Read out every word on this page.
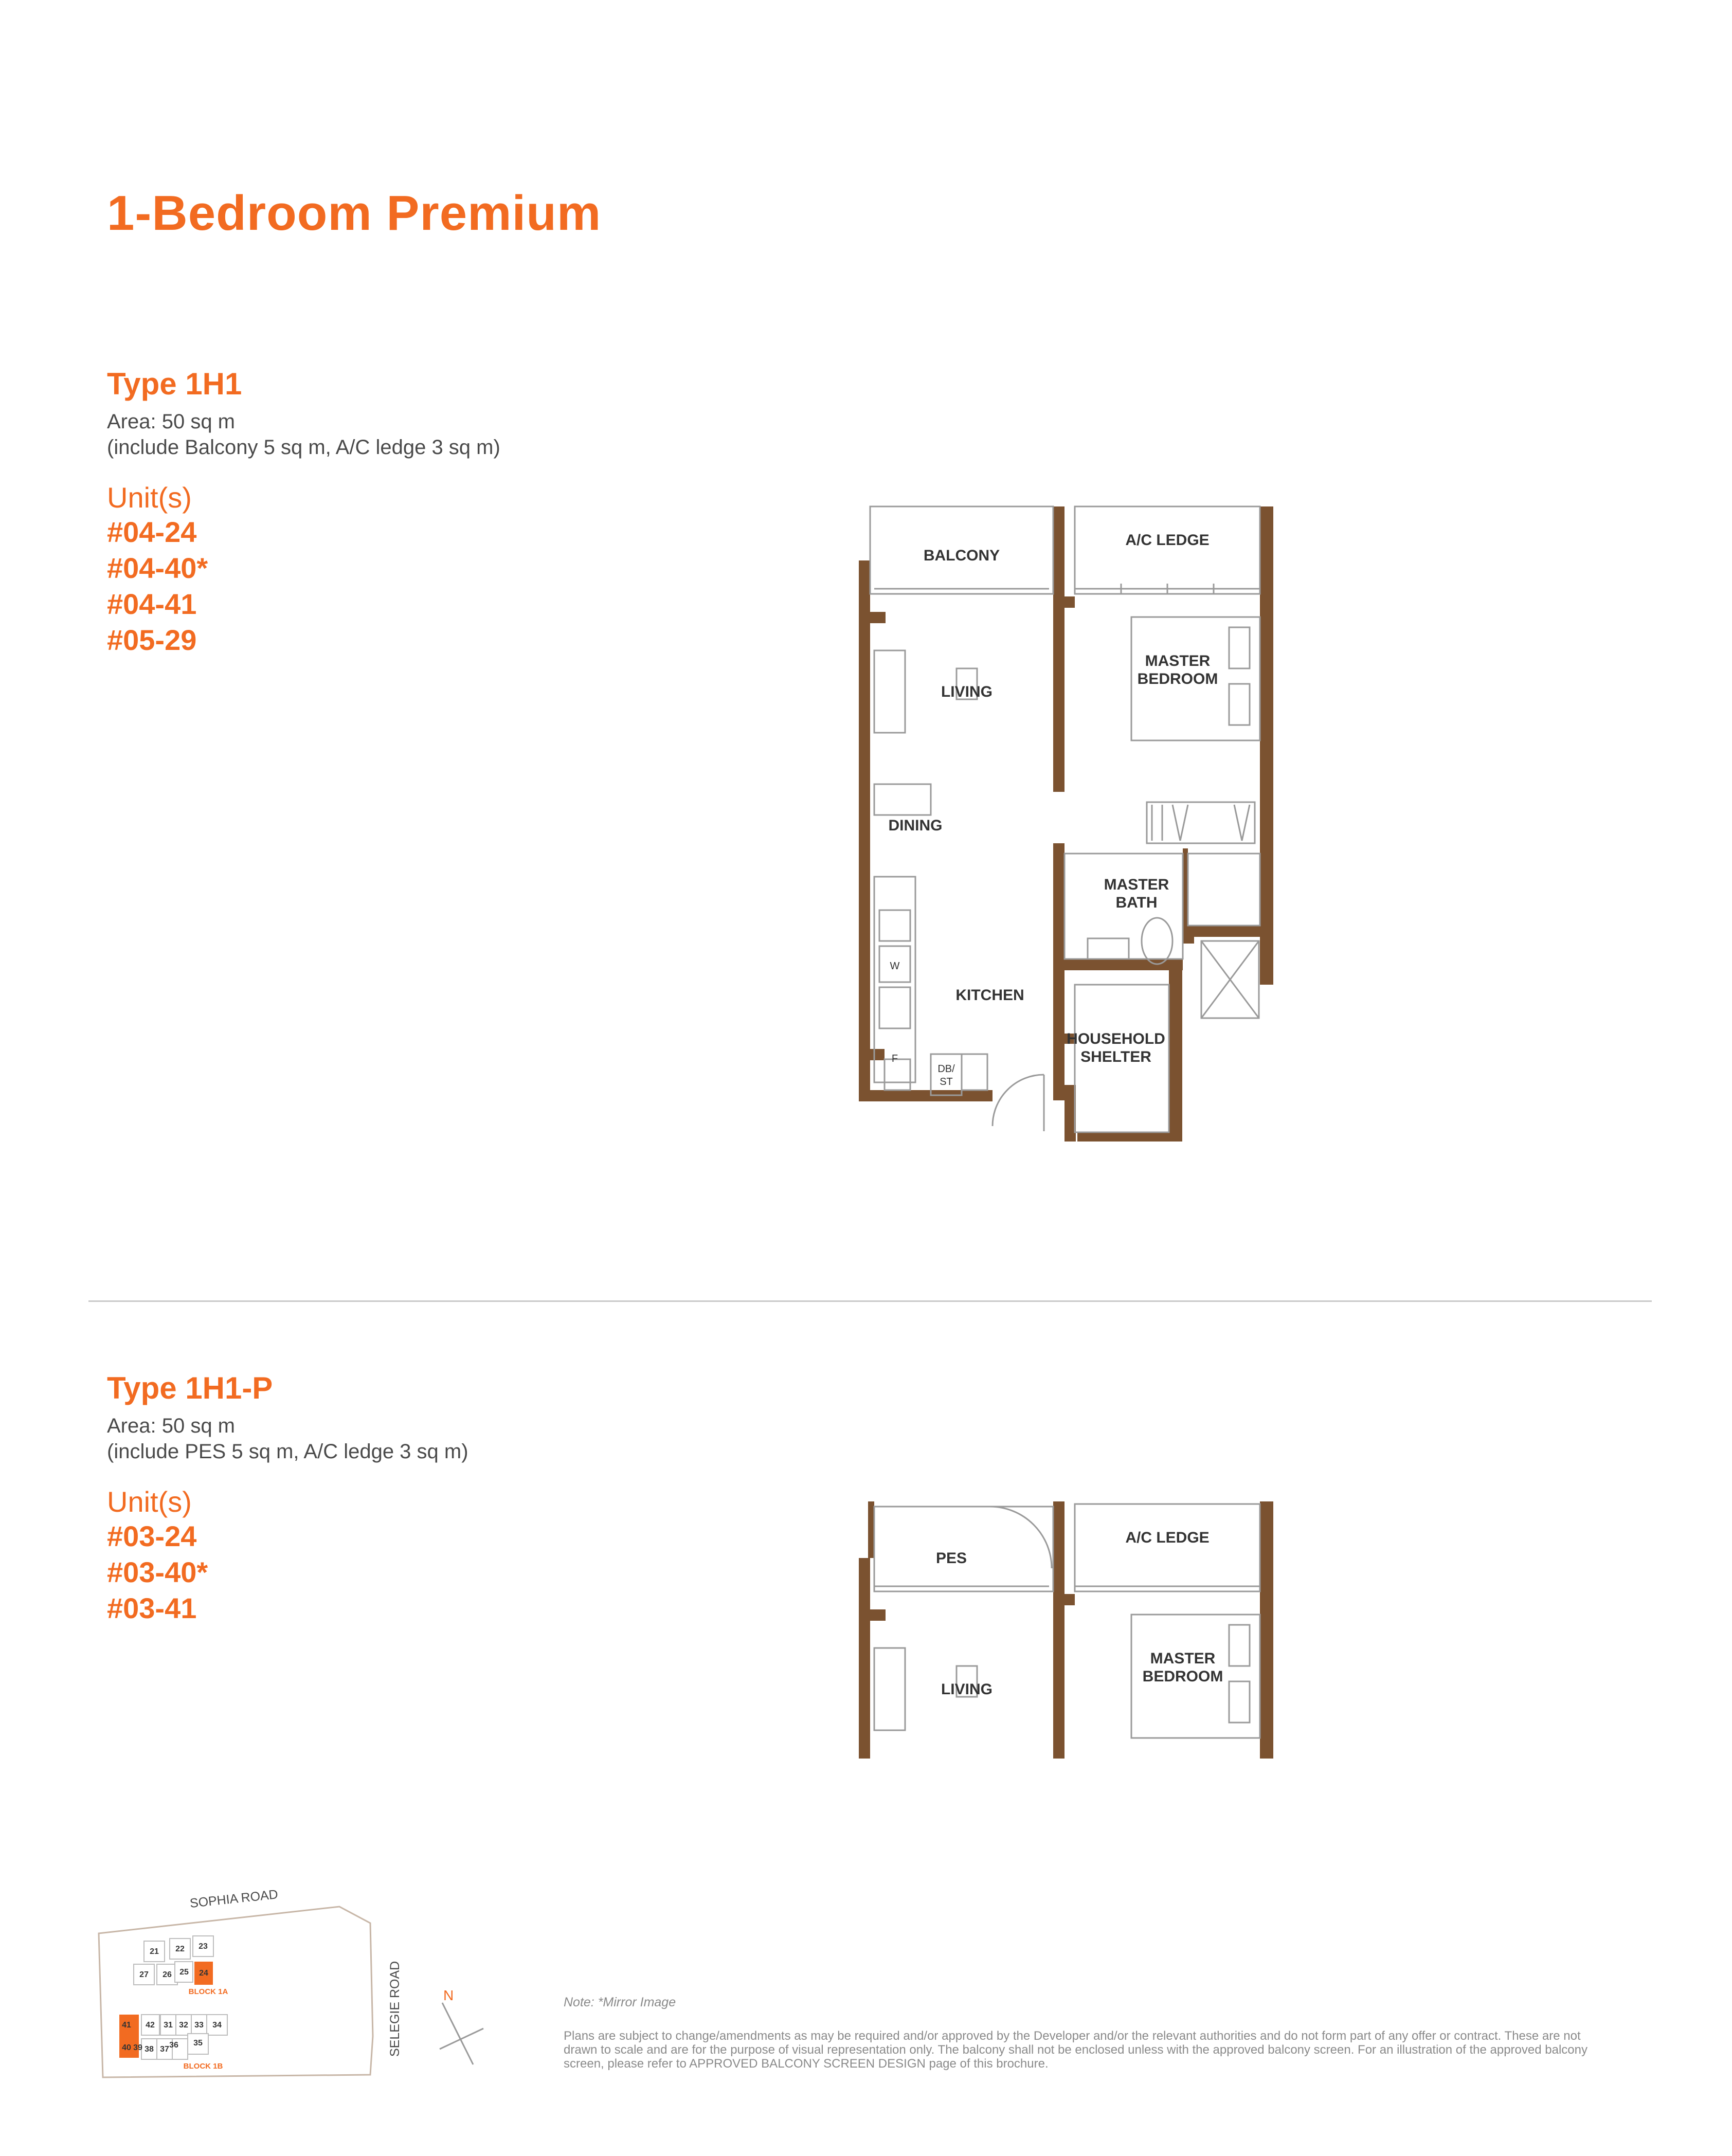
1-Bedroom Premium
Type 1H1
Area: 50 sq m
(include Balcony 5 sq m, A/C ledge 3 sq m)
Unit(s)
#04-24
#04-40*
#04-41
#05-29
BALCONY
A/C LEDGE
LIVING
MASTER
BEDROOM
DINING
MASTER
BATH
KITCHEN
HOUSEHOLD
SHELTER
DB/
ST
W
F
Type 1H1-P
Area: 50 sq m
(include PES 5 sq m, A/C ledge 3 sq m)
Unit(s)
#03-24
#03-40*
#03-41
PES
A/C LEDGE
LIVING
MASTER
BEDROOM
SOPHIA ROAD
SELEGIE ROAD
21 22 23
27 26 25 24
41 42 31 32 33 34
40 39 38 37 36 35
BLOCK 1A
BLOCK 1B
N	Note: *Mirror Image
Plans are subject to change/amendments as may be required and/or approved by the Developer and/or the relevant authorities and do not form part of any offer or contract. These are not drawn to scale and are for the purpose of visual representation only. The balcony shall not be enclosed unless with the approved balcony screen. For an illustration of the approved balcony screen, please refer to APPROVED BALCONY SCREEN DESIGN page of this brochure.
